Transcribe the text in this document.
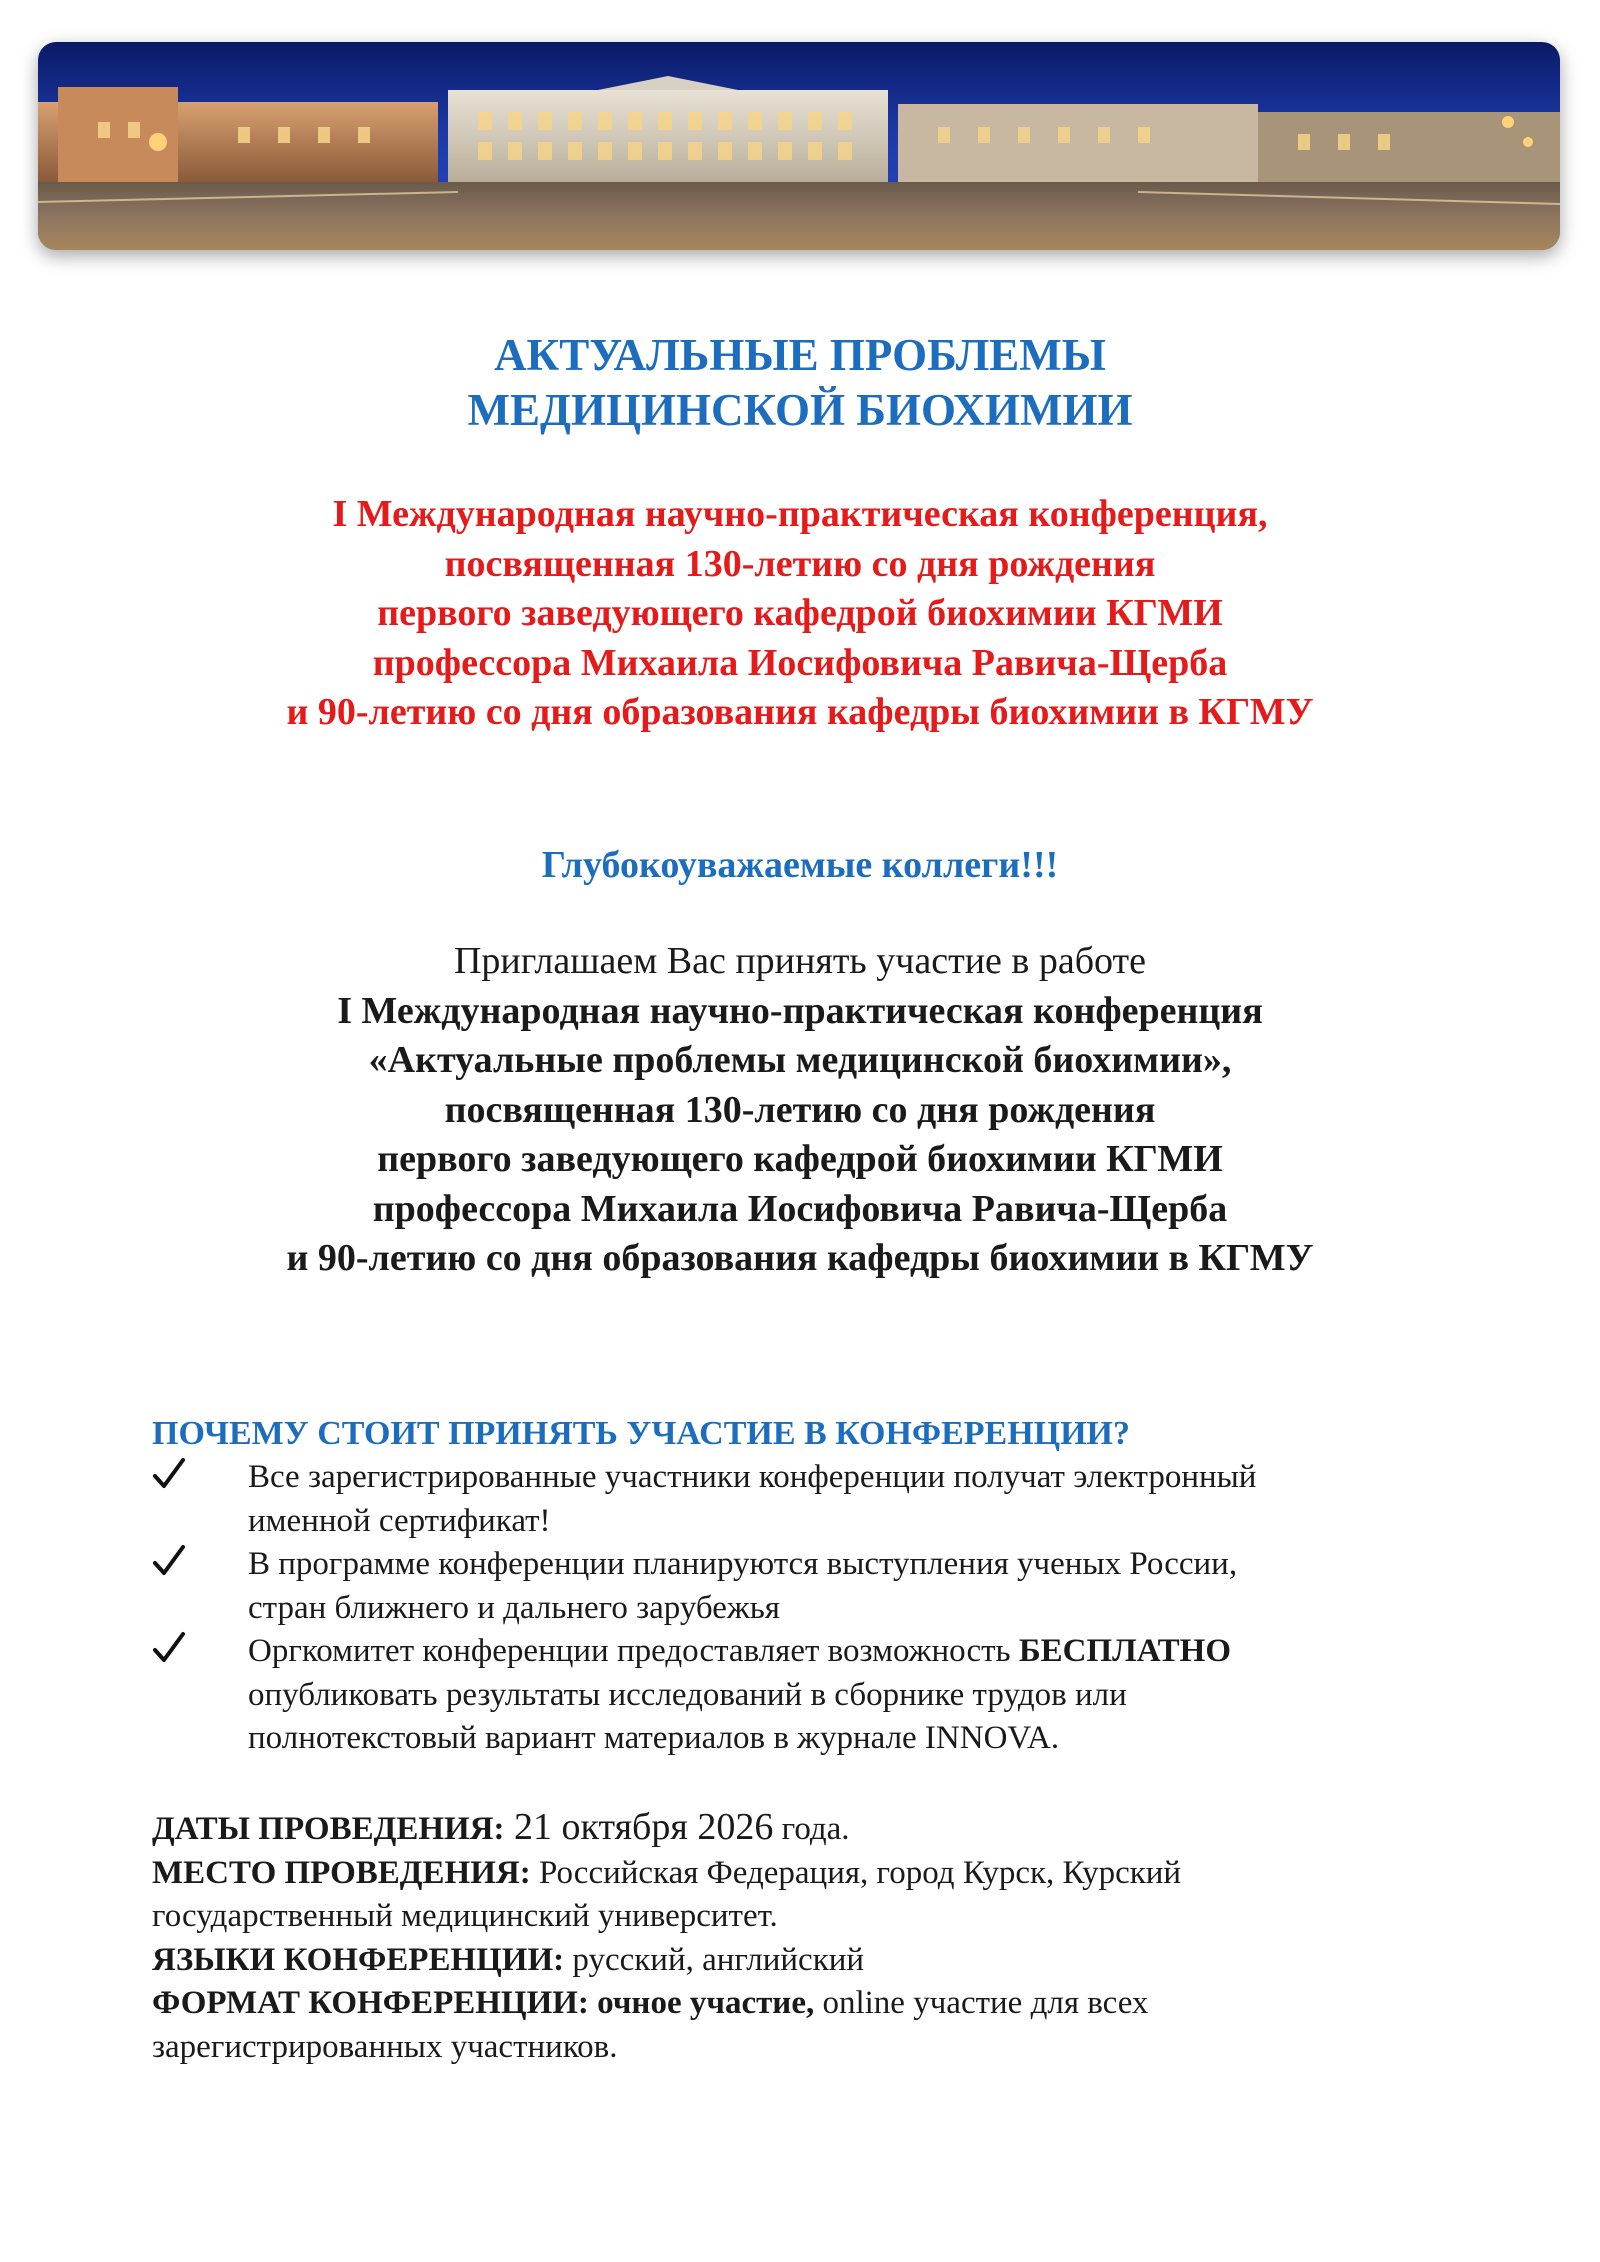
АКТУАЛЬНЫЕ ПРОБЛЕМЫ
МЕДИЦИНСКОЙ БИОХИМИИ
I Международная научно-практическая конференция,
посвященная 130-летию со дня рождения
первого заведующего кафедрой биохимии КГМИ
профессора Михаила Иосифовича Равича-Щерба
и 90-летию со дня образования кафедры биохимии в КГМУ
Глубокоуважаемые коллеги!!!
Приглашаем Вас принять участие в работе
I Международная научно-практическая конференция
«Актуальные проблемы медицинской биохимии»,
посвященная 130-летию со дня рождения
первого заведующего кафедрой биохимии КГМИ
профессора Михаила Иосифовича Равича-Щерба
и 90-летию со дня образования кафедры биохимии в КГМУ
ПОЧЕМУ СТОИТ ПРИНЯТЬ УЧАСТИЕ В КОНФЕРЕНЦИИ?
Все зарегистрированные участники конференции получат электронный
именной сертификат!
В программе конференции планируются выступления ученых России,
стран ближнего и дальнего зарубежья
Оргкомитет конференции предоставляет возможность БЕСПЛАТНО
опубликовать результаты исследований в сборнике трудов или
полнотекстовый вариант материалов в журнале INNOVA.
ДАТЫ ПРОВЕДЕНИЯ: 21 октября 2026 года.
МЕСТО ПРОВЕДЕНИЯ: Российская Федерация, город Курск, Курский
государственный медицинский университет.
ЯЗЫКИ КОНФЕРЕНЦИИ: русский, английский
ФОРМАТ КОНФЕРЕНЦИИ: очное участие, online участие для всех
зарегистрированных участников.
